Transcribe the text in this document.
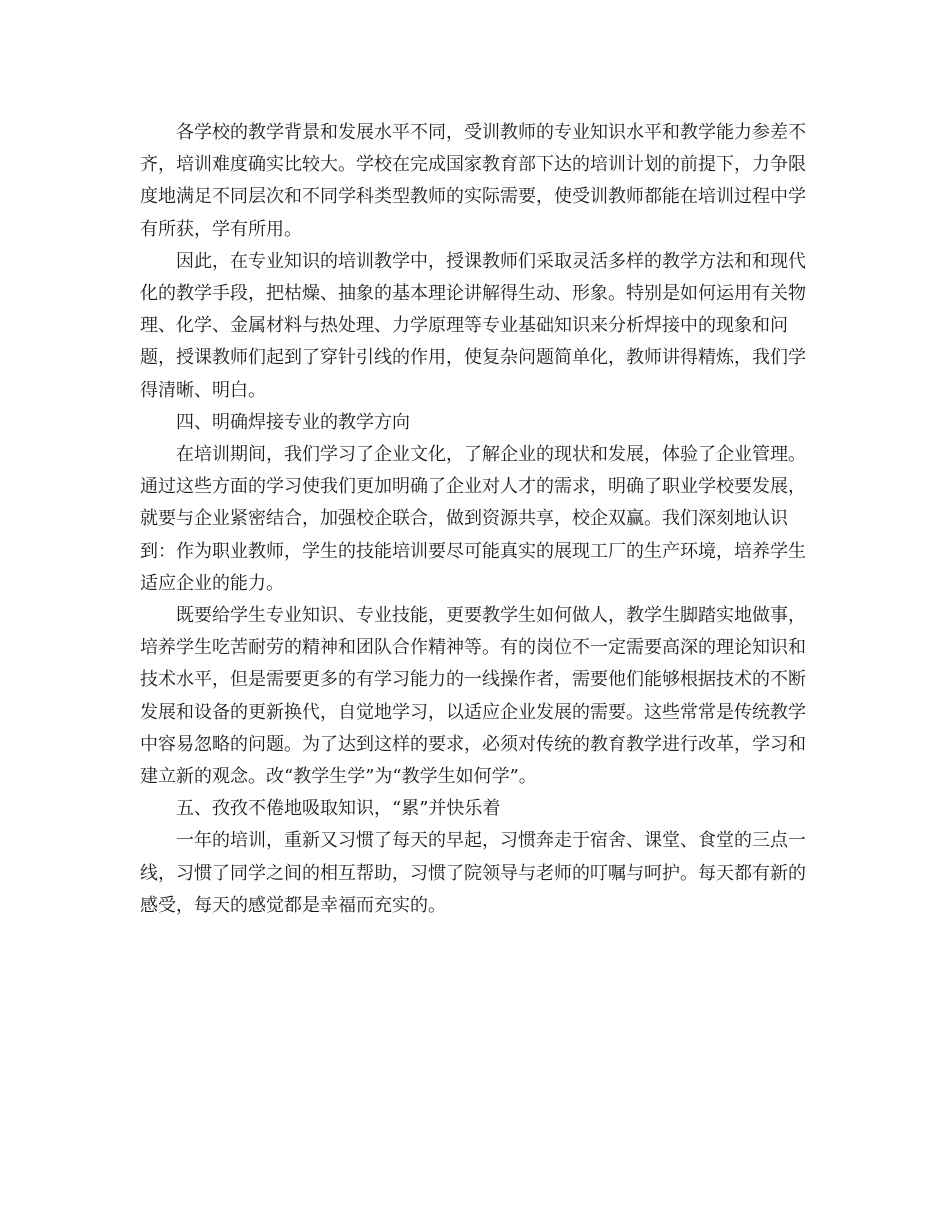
各学校的教学背景和发展水平不同，受训教师的专业知识水平和教学能力参差不齐，培训难度确实比较大。学校在完成国家教育部下达的培训计划的前提下，力争限度地满足不同层次和不同学科类型教师的实际需要，使受训教师都能在培训过程中学有所获，学有所用。

因此，在专业知识的培训教学中，授课教师们采取灵活多样的教学方法和和现代化的教学手段，把枯燥、抽象的基本理论讲解得生动、形象。特别是如何运用有关物理、化学、金属材料与热处理、力学原理等专业基础知识来分析焊接中的现象和问题，授课教师们起到了穿针引线的作用，使复杂问题简单化，教师讲得精炼，我们学得清晰、明白。

四、明确焊接专业的教学方向

在培训期间，我们学习了企业文化，了解企业的现状和发展，体验了企业管理。通过这些方面的学习使我们更加明确了企业对人才的需求，明确了职业学校要发展，就要与企业紧密结合，加强校企联合，做到资源共享，校企双赢。我们深刻地认识到：作为职业教师，学生的技能培训要尽可能真实的展现工厂的生产环境，培养学生适应企业的能力。

既要给学生专业知识、专业技能，更要教学生如何做人，教学生脚踏实地做事，培养学生吃苦耐劳的精神和团队合作精神等。有的岗位不一定需要高深的理论知识和技术水平，但是需要更多的有学习能力的一线操作者，需要他们能够根据技术的不断发展和设备的更新换代，自觉地学习，以适应企业发展的需要。这些常常是传统教学中容易忽略的问题。为了达到这样的要求，必须对传统的教育教学进行改革，学习和建立新的观念。改“教学生学”为“教学生如何学”。

五、孜孜不倦地吸取知识，“累”并快乐着

一年的培训，重新又习惯了每天的早起，习惯奔走于宿舍、课堂、食堂的三点一线，习惯了同学之间的相互帮助，习惯了院领导与老师的叮嘱与呵护。每天都有新的感受，每天的感觉都是幸福而充实的。
